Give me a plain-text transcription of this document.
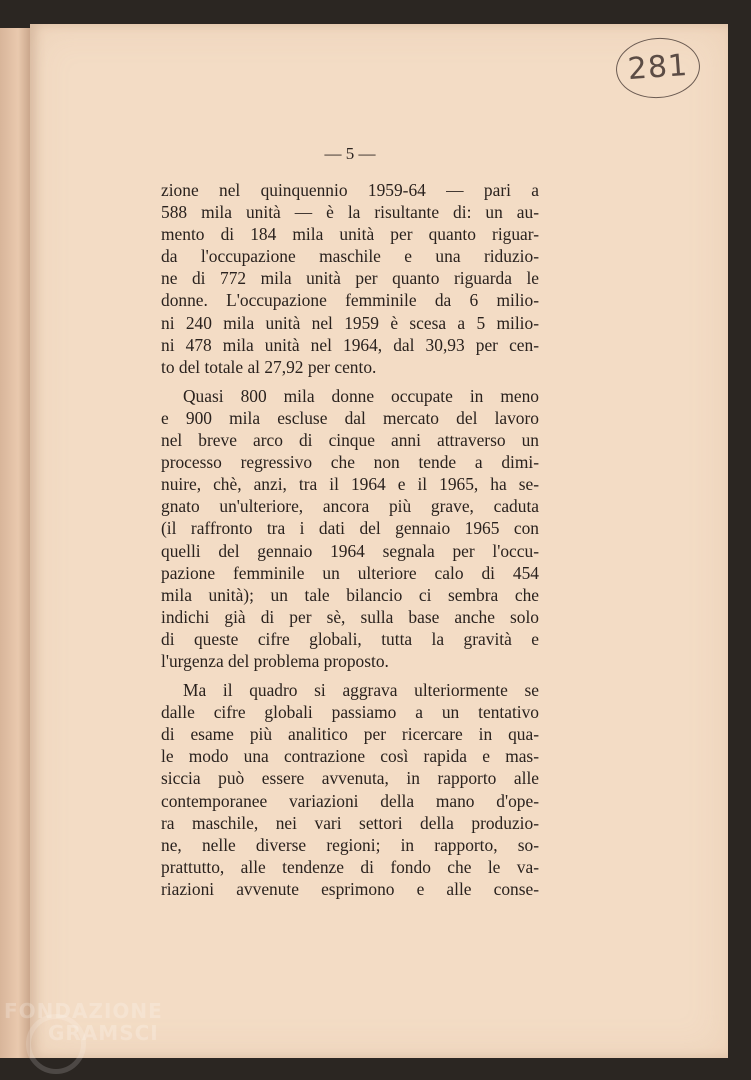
281
— 5 —

zione nel quinquennio 1959-64 — pari a
588 mila unità — è la risultante di: un au-
mento di 184 mila unità per quanto riguar-
da l'occupazione maschile e una riduzio-
ne di 772 mila unità per quanto riguarda le
donne. L'occupazione femminile da 6 milio-
ni 240 mila unità nel 1959 è scesa a 5 milio-
ni 478 mila unità nel 1964, dal 30,93 per cen-
to del totale al 27,92 per cento.

Quasi 800 mila donne occupate in meno
e 900 mila escluse dal mercato del lavoro
nel breve arco di cinque anni attraverso un
processo regressivo che non tende a dimi-
nuire, chè, anzi, tra il 1964 e il 1965, ha se-
gnato un'ulteriore, ancora più grave, caduta
(il raffronto tra i dati del gennaio 1965 con
quelli del gennaio 1964 segnala per l'occu-
pazione femminile un ulteriore calo di 454
mila unità); un tale bilancio ci sembra che
indichi già di per sè, sulla base anche solo
di queste cifre globali, tutta la gravità e
l'urgenza del problema proposto.

Ma il quadro si aggrava ulteriormente se
dalle cifre globali passiamo a un tentativo
di esame più analitico per ricercare in qua-
le modo una contrazione così rapida e mas-
siccia può essere avvenuta, in rapporto alle
contemporanee variazioni della mano d'ope-
ra maschile, nei vari settori della produzio-
ne, nelle diverse regioni; in rapporto, so-
prattutto, alle tendenze di fondo che le va-
riazioni avvenute esprimono e alle conse-

FONDAZIONE
GRAMSCI
